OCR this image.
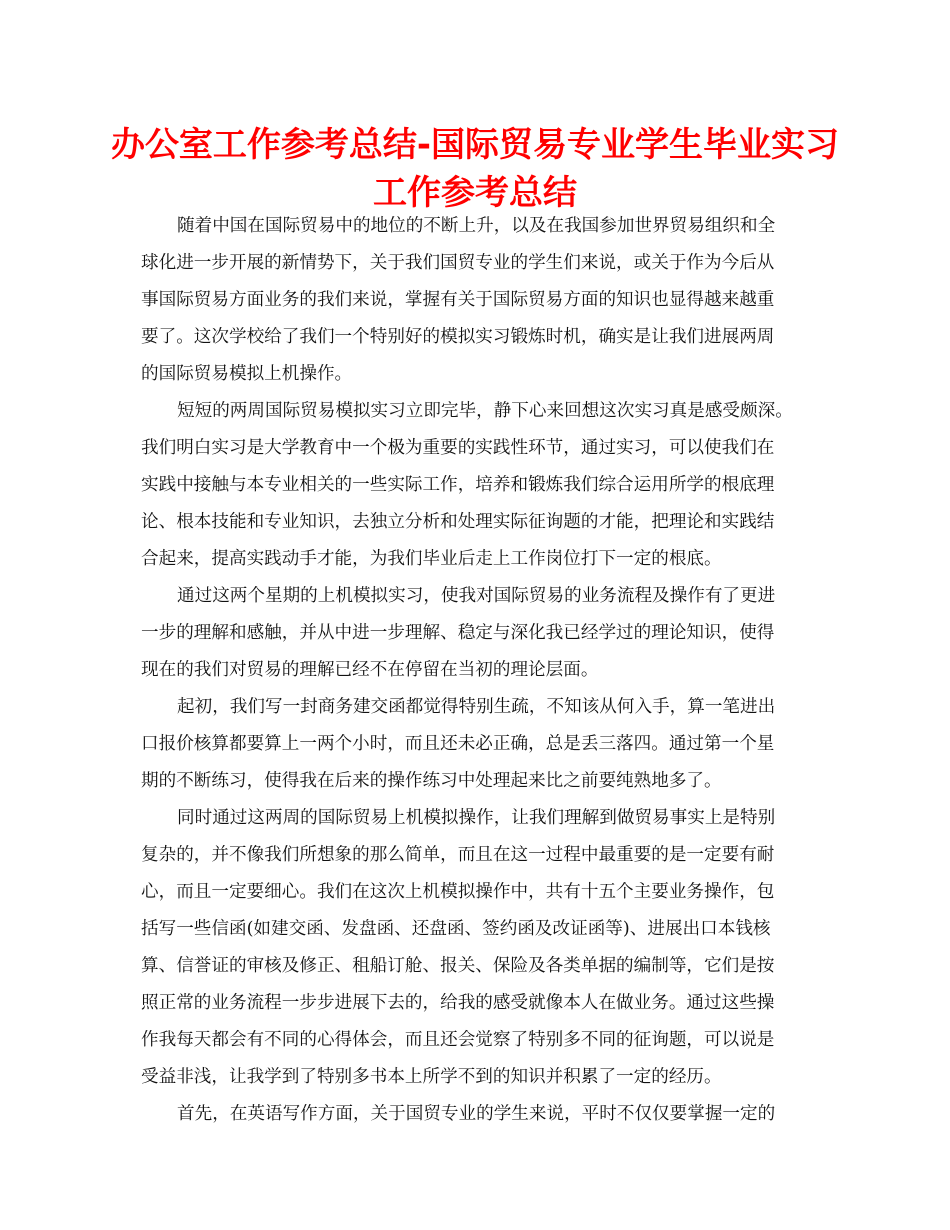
办公室工作参考总结-国际贸易专业学生毕业实习
工作参考总结
随着中国在国际贸易中的地位的不断上升，以及在我国参加世界贸易组织和全
球化进一步开展的新情势下，关于我们国贸专业的学生们来说，或关于作为今后从
事国际贸易方面业务的我们来说，掌握有关于国际贸易方面的知识也显得越来越重
要了。这次学校给了我们一个特别好的模拟实习锻炼时机，确实是让我们进展两周
的国际贸易模拟上机操作。
短短的两周国际贸易模拟实习立即完毕，静下心来回想这次实习真是感受颇深。
我们明白实习是大学教育中一个极为重要的实践性环节，通过实习，可以使我们在
实践中接触与本专业相关的一些实际工作，培养和锻炼我们综合运用所学的根底理
论、根本技能和专业知识，去独立分析和处理实际征询题的才能，把理论和实践结
合起来，提高实践动手才能，为我们毕业后走上工作岗位打下一定的根底。
通过这两个星期的上机模拟实习，使我对国际贸易的业务流程及操作有了更进
一步的理解和感触，并从中进一步理解、稳定与深化我已经学过的理论知识，使得
现在的我们对贸易的理解已经不在停留在当初的理论层面。
起初，我们写一封商务建交函都觉得特别生疏，不知该从何入手，算一笔进出
口报价核算都要算上一两个小时，而且还未必正确，总是丢三落四。通过第一个星
期的不断练习，使得我在后来的操作练习中处理起来比之前要纯熟地多了。
同时通过这两周的国际贸易上机模拟操作，让我们理解到做贸易事实上是特别
复杂的，并不像我们所想象的那么简单，而且在这一过程中最重要的是一定要有耐
心，而且一定要细心。我们在这次上机模拟操作中，共有十五个主要业务操作，包
括写一些信函(如建交函、发盘函、还盘函、签约函及改证函等)、进展出口本钱核
算、信誉证的审核及修正、租船订舱、报关、保险及各类单据的编制等，它们是按
照正常的业务流程一步步进展下去的，给我的感受就像本人在做业务。通过这些操
作我每天都会有不同的心得体会，而且还会觉察了特别多不同的征询题，可以说是
受益非浅，让我学到了特别多书本上所学不到的知识并积累了一定的经历。
首先，在英语写作方面，关于国贸专业的学生来说，平时不仅仅要掌握一定的
